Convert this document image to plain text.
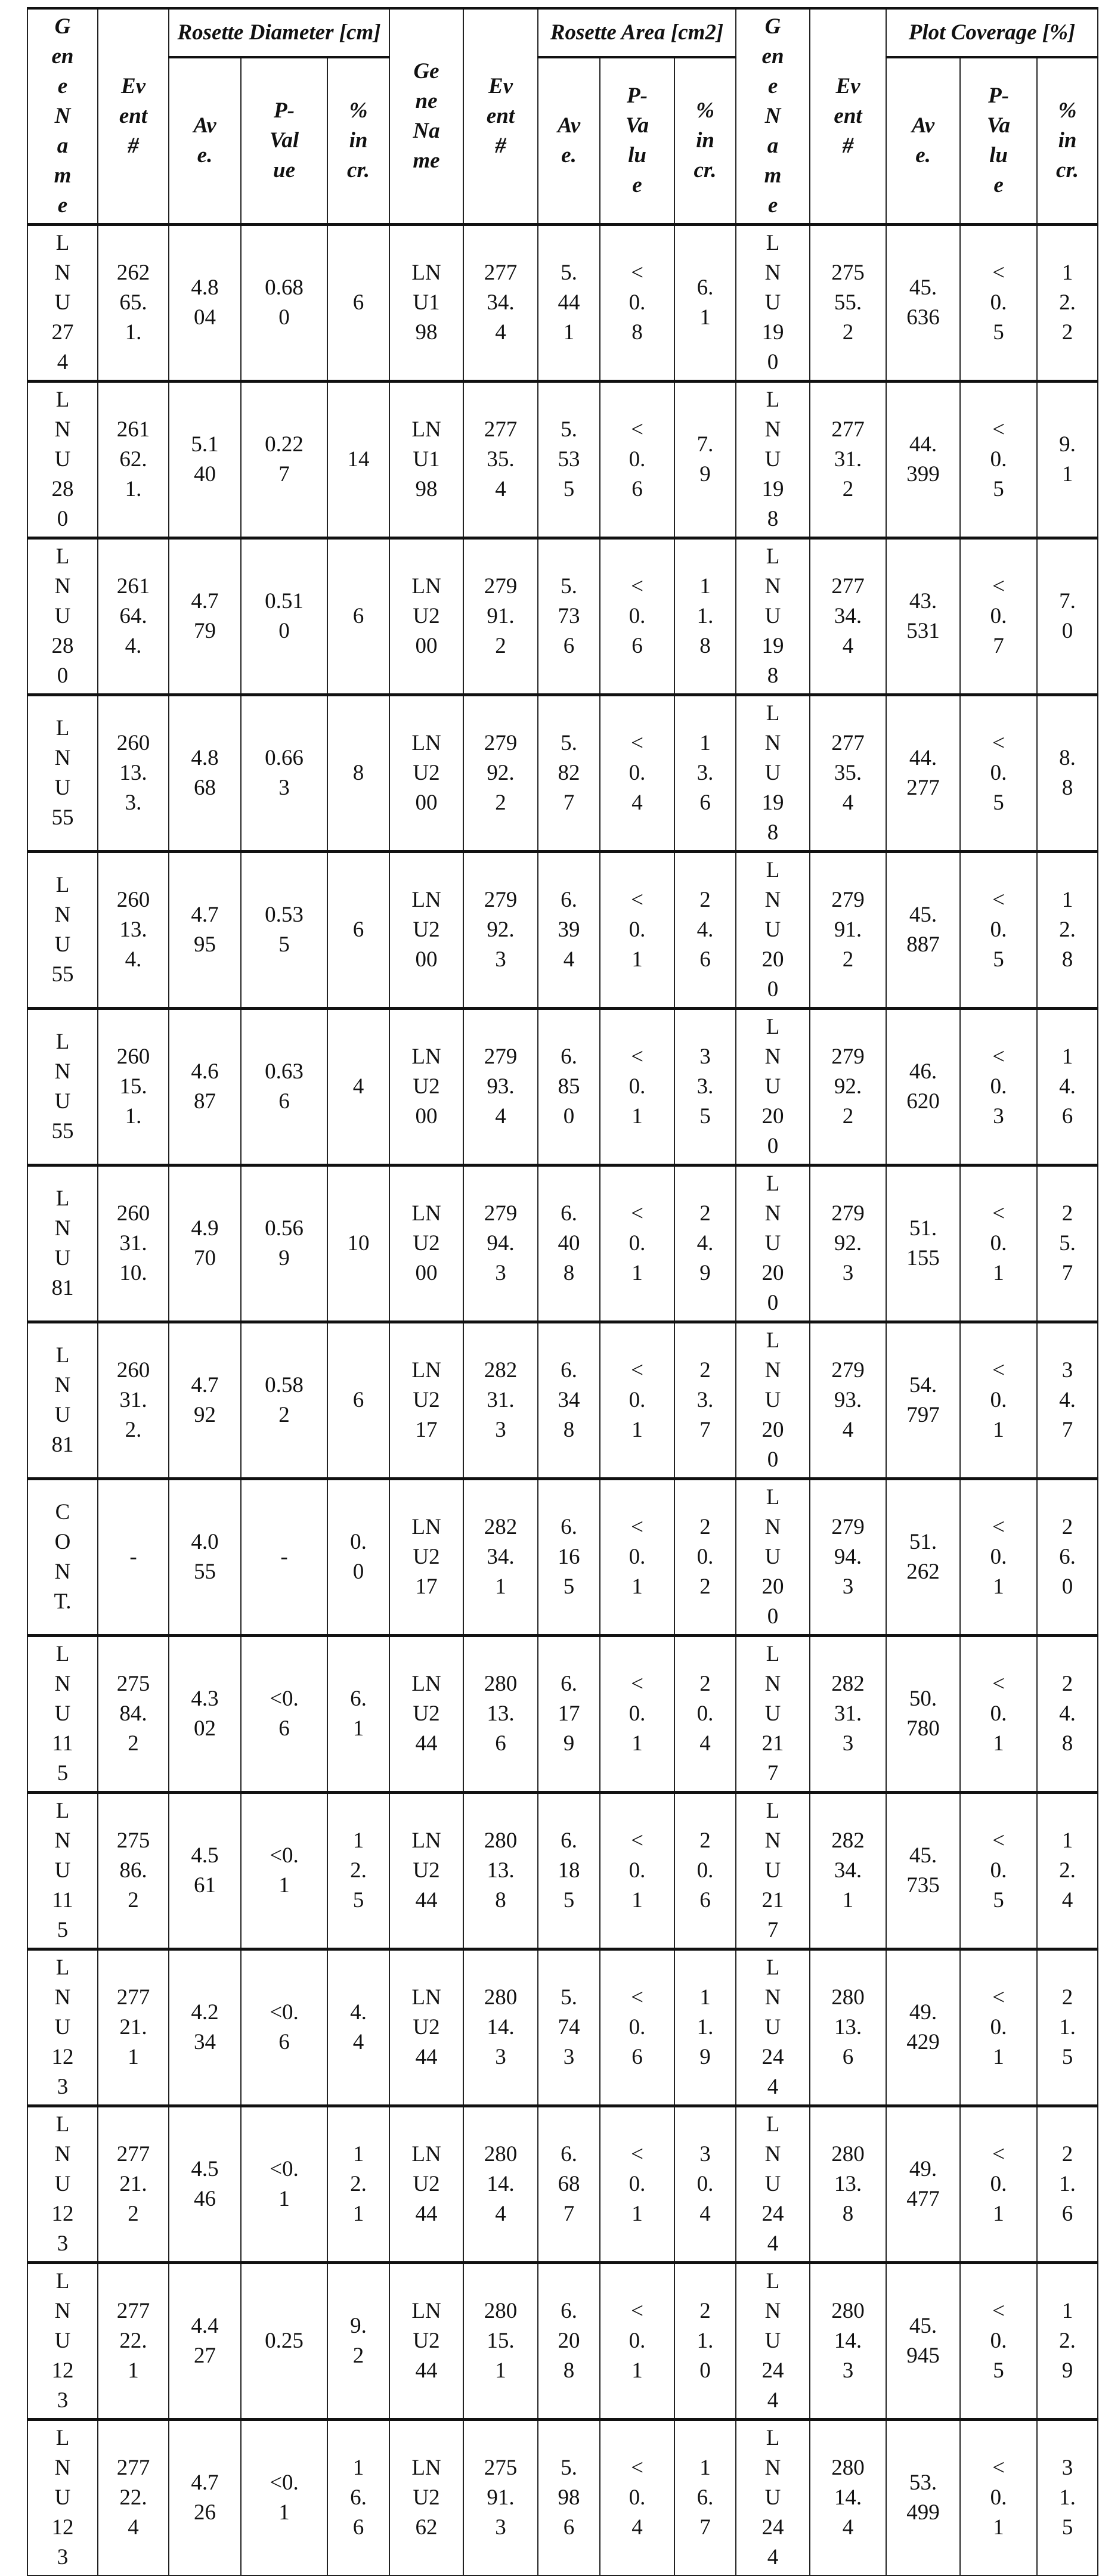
Gene Name	Event #	Rosette Diameter [cm]	Gene Name	Event #	Rosette Area [cm2]	Gene Name	Event #	Plot Coverage [%]
Ave.	P-Value	% incr.	Ave.	P-Value	% incr.	Ave.	P-Value	% incr.
LNU274	26265.1.	4.804	0.680	6	LNU198	27734.4	5.441	<0.8	6.1	LNU190	27555.2	45.636	<0.5	12.2
LNU280	26162.1.	5.140	0.227	14	LNU198	27735.4	5.535	<0.6	7.9	LNU198	27731.2	44.399	<0.5	9.1
LNU280	26164.4.	4.779	0.510	6	LNU200	27991.2	5.736	<0.6	11.8	LNU198	27734.4	43.531	<0.7	7.0
LNU55	26013.3.	4.868	0.663	8	LNU200	27992.2	5.827	<0.4	13.6	LNU198	27735.4	44.277	<0.5	8.8
LNU55	26013.4.	4.795	0.535	6	LNU200	27992.3	6.394	<0.1	24.6	LNU200	27991.2	45.887	<0.5	12.8
LNU55	26015.1.	4.687	0.636	4	LNU200	27993.4	6.850	<0.1	33.5	LNU200	27992.2	46.620	<0.3	14.6
LNU81	26031.10.	4.970	0.569	10	LNU200	27994.3	6.408	<0.1	24.9	LNU200	27992.3	51.155	<0.1	25.7
LNU81	26031.2.	4.792	0.582	6	LNU217	28231.3	6.348	<0.1	23.7	LNU200	27993.4	54.797	<0.1	34.7
CONT.	-	4.055	-	0.0	LNU217	28234.1	6.165	<0.1	20.2	LNU200	27994.3	51.262	<0.1	26.0
LNU115	27584.2	4.302	<0.6	6.1	LNU244	28013.6	6.179	<0.1	20.4	LNU217	28231.3	50.780	<0.1	24.8
LNU115	27586.2	4.561	<0.1	12.5	LNU244	28013.8	6.185	<0.1	20.6	LNU217	28234.1	45.735	<0.5	12.4
LNU123	27721.1	4.234	<0.6	4.4	LNU244	28014.3	5.743	<0.6	11.9	LNU244	28013.6	49.429	<0.1	21.5
LNU123	27721.2	4.546	<0.1	12.1	LNU244	28014.4	6.687	<0.1	30.4	LNU244	28013.8	49.477	<0.1	21.6
LNU123	27722.1	4.427	0.25	9.2	LNU244	28015.1	6.208	<0.1	21.0	LNU244	28014.3	45.945	<0.5	12.9
LNU123	27722.4	4.726	<0.1	16.6	LNU262	27591.3	5.986	<0.4	16.7	LNU244	28014.4	53.499	<0.1	31.5
